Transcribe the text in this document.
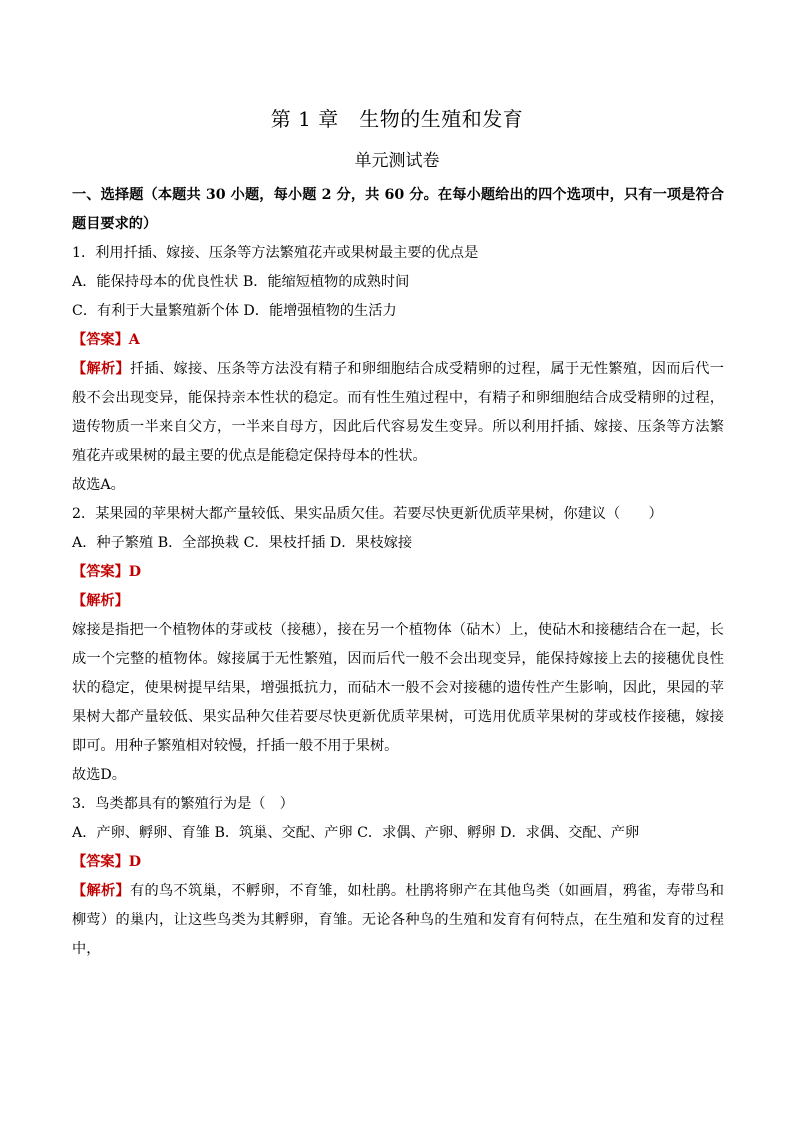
第 1 章　生物的生殖和发育
单元测试卷

一、选择题（本题共 30 小题，每小题 2 分，共 60 分。在每小题给出的四个选项中，只有一项是符合题目要求的）

1．利用扦插、嫁接、压条等方法繁殖花卉或果树最主要的优点是

A．能保持母本的优良性状 B．能缩短植物的成熟时间

C．有利于大量繁殖新个体 D．能增强植物的生活力

【答案】A

【解析】扦插、嫁接、压条等方法没有精子和卵细胞结合成受精卵的过程，属于无性繁殖，因而后代一般不会出现变异，能保持亲本性状的稳定。而有性生殖过程中，有精子和卵细胞结合成受精卵的过程，遗传物质一半来自父方，一半来自母方，因此后代容易发生变异。所以利用扦插、嫁接、压条等方法繁殖花卉或果树的最主要的优点是能稳定保持母本的性状。

故选A。

2．某果园的苹果树大都产量较低、果实品质欠佳。若要尽快更新优质苹果树，你建议（　　）

A．种子繁殖 B．全部换栽 C．果枝扦插 D．果枝嫁接

【答案】D

【解析】

嫁接是指把一个植物体的芽或枝（接穗），接在另一个植物体（砧木）上，使砧木和接穗结合在一起，长成一个完整的植物体。嫁接属于无性繁殖，因而后代一般不会出现变异，能保持嫁接上去的接穗优良性状的稳定，使果树提早结果，增强抵抗力，而砧木一般不会对接穗的遗传性产生影响，因此，果园的苹果树大都产量较低、果实品种欠佳若要尽快更新优质苹果树，可选用优质苹果树的芽或枝作接穗，嫁接即可。用种子繁殖相对较慢，扦插一般不用于果树。

故选D。

3．鸟类都具有的繁殖行为是（　）

A．产卵、孵卵、育雏 B．筑巢、交配、产卵 C．求偶、产卵、孵卵 D．求偶、交配、产卵

【答案】D

【解析】有的鸟不筑巢，不孵卵，不育雏，如杜鹃。杜鹃将卵产在其他鸟类（如画眉，鸦雀，寿带鸟和柳莺）的巢内，让这些鸟类为其孵卵，育雏。无论各种鸟的生殖和发育有何特点，在生殖和发育的过程中，
